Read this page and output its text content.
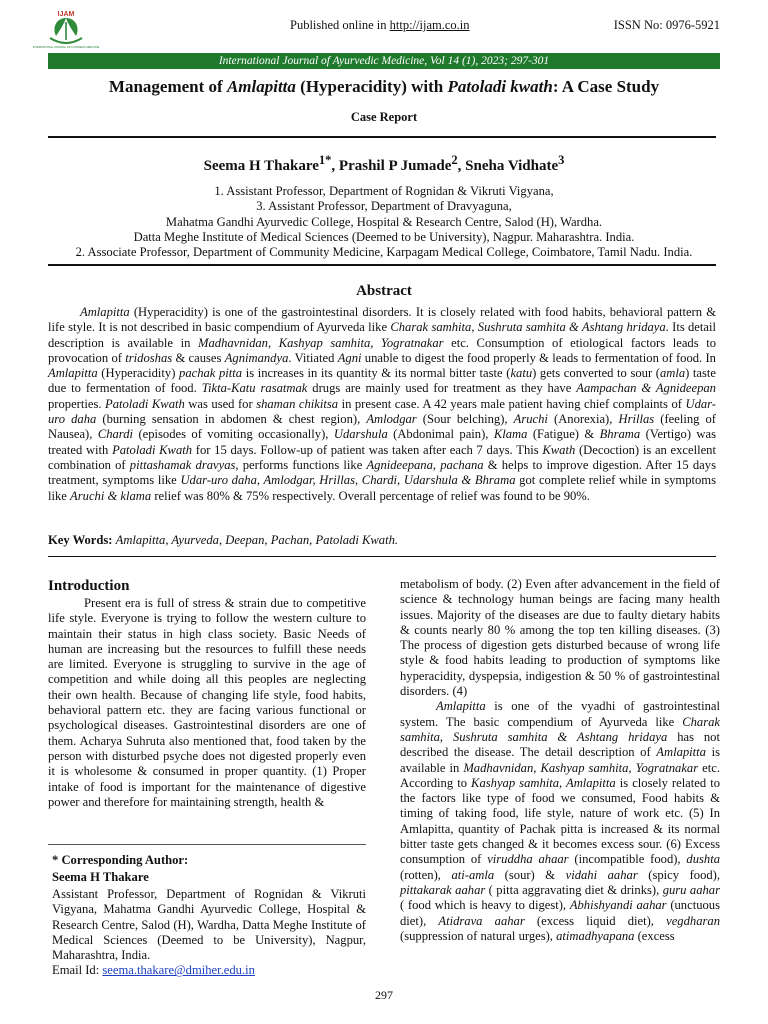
IJAM
INTERNATIONAL JOURNAL OF AYURVEDIC MEDICINE
Published online in http://ijam.co.in	ISSN No: 0976-5921
International Journal of Ayurvedic Medicine, Vol 14 (1), 2023; 297-301
Management of Amlapitta (Hyperacidity) with Patoladi kwath: A Case Study
Case Report
Seema H Thakare$^{1*}$, Prashil P Jumade$^2$, Sneha Vidhate$^3$
1. Assistant Professor, Department of Rognidan & Vikruti Vigyana,
3. Assistant Professor, Department of Dravyaguna,
Mahatma Gandhi Ayurvedic College, Hospital & Research Centre, Salod (H), Wardha.
Datta Meghe Institute of Medical Sciences (Deemed to be University), Nagpur. Maharashtra. India.
2. Associate Professor, Department of Community Medicine, Karpagam Medical College, Coimbatore, Tamil Nadu. India.
Abstract
Amlapitta (Hyperacidity) is one of the gastrointestinal disorders. It is closely related with food habits, behavioral pattern & life style. It is not described in basic compendium of Ayurveda like Charak samhita, Sushruta samhita & Ashtang hridaya. Its detail description is available in Madhavnidan, Kashyap samhita, Yogratnakar etc. Consumption of etiological factors leads to provocation of tridoshas & causes Agnimandya. Vitiated Agni unable to digest the food properly & leads to fermentation of food. In Amlapitta (Hyperacidity) pachak pitta is increases in its quantity & its normal bitter taste (katu) gets converted to sour (amla) taste due to fermentation of food. Tikta-Katu rasatmak drugs are mainly used for treatment as they have Aampachan & Agnideepan properties. Patoladi Kwath was used for shaman chikitsa in present case. A 42 years male patient having chief complaints of Udar-uro daha (burning sensation in abdomen & chest region), Amlodgar (Sour belching), Aruchi (Anorexia), Hrillas (feeling of Nausea), Chardi (episodes of vomiting occasionally), Udarshula (Abdonimal pain), Klama (Fatigue) & Bhrama (Vertigo) was treated with Patoladi Kwath for 15 days. Follow-up of patient was taken after each 7 days. This Kwath (Decoction) is an excellent combination of pittashamak dravyas, performs functions like Agnideepana, pachana & helps to improve digestion. After 15 days treatment, symptoms like Udar-uro daha, Amlodgar, Hrillas, Chardi, Udarshula & Bhrama got complete relief while in symptoms like Aruchi & klama relief was 80% & 75% respectively. Overall percentage of relief was found to be 90%.
Key Words: Amlapitta, Ayurveda, Deepan, Pachan, Patoladi Kwath.
Introduction
Present era is full of stress & strain due to competitive life style. Everyone is trying to follow the western culture to maintain their status in high class society. Basic Needs of human are increasing but the resources to fulfill these needs are limited. Everyone is struggling to survive in the age of competition and while doing all this peoples are neglecting their own health. Because of changing life style, food habits, behavioral pattern etc. they are facing various functional or psychological diseases. Gastrointestinal disorders are one of them. Acharya Suhruta also mentioned that, food taken by the person with disturbed psyche does not digested properly even it is wholesome & consumed in proper quantity. (1) Proper intake of food is important for the maintenance of digestive power and therefore for maintaining strength, health &

metabolism of body. (2) Even after advancement in the field of science & technology human beings are facing many health issues. Majority of the diseases are due to faulty dietary habits & counts nearly 80 % among the top ten killing diseases. (3) The process of digestion gets disturbed because of wrong life style & food habits leading to production of symptoms like hyperacidity, dyspepsia, indigestion & 50 % of gastrointestinal disorders. (4)

Amlapitta is one of the vyadhi of gastrointestinal system. The basic compendium of Ayurveda like Charak samhita, Sushruta samhita & Ashtang hridaya has not described the disease. The detail description of Amlapitta is available in Madhavnidan, Kashyap samhita, Yogratnakar etc. According to Kashyap samhita, Amlapitta is closely related to the factors like type of food we consumed, Food habits & timing of taking food, life style, nature of work etc. (5) In Amlapitta, quantity of Pachak pitta is increased & its normal bitter taste gets changed & it becomes excess sour. (6) Excess consumption of viruddha ahaar (incompatible food), dushta (rotten), ati-amla (sour) & vidahi aahar (spicy food), pittakarak aahar ( pitta aggravating diet & drinks), guru aahar ( food which is heavy to digest), Abhishyandi aahar (unctuous diet), Atidrava aahar (excess liquid diet), vegdharan (suppression of natural urges), atimadhyapana (excess

* Corresponding Author:
Seema H Thakare
Assistant Professor, Department of Rognidan & Vikruti Vigyana, Mahatma Gandhi Ayurvedic College, Hospital & Research Centre, Salod (H), Wardha, Datta Meghe Institute of Medical Sciences (Deemed to be University), Nagpur, Maharashtra, India.
Email Id: seema.thakare@dmiher.edu.in
297
